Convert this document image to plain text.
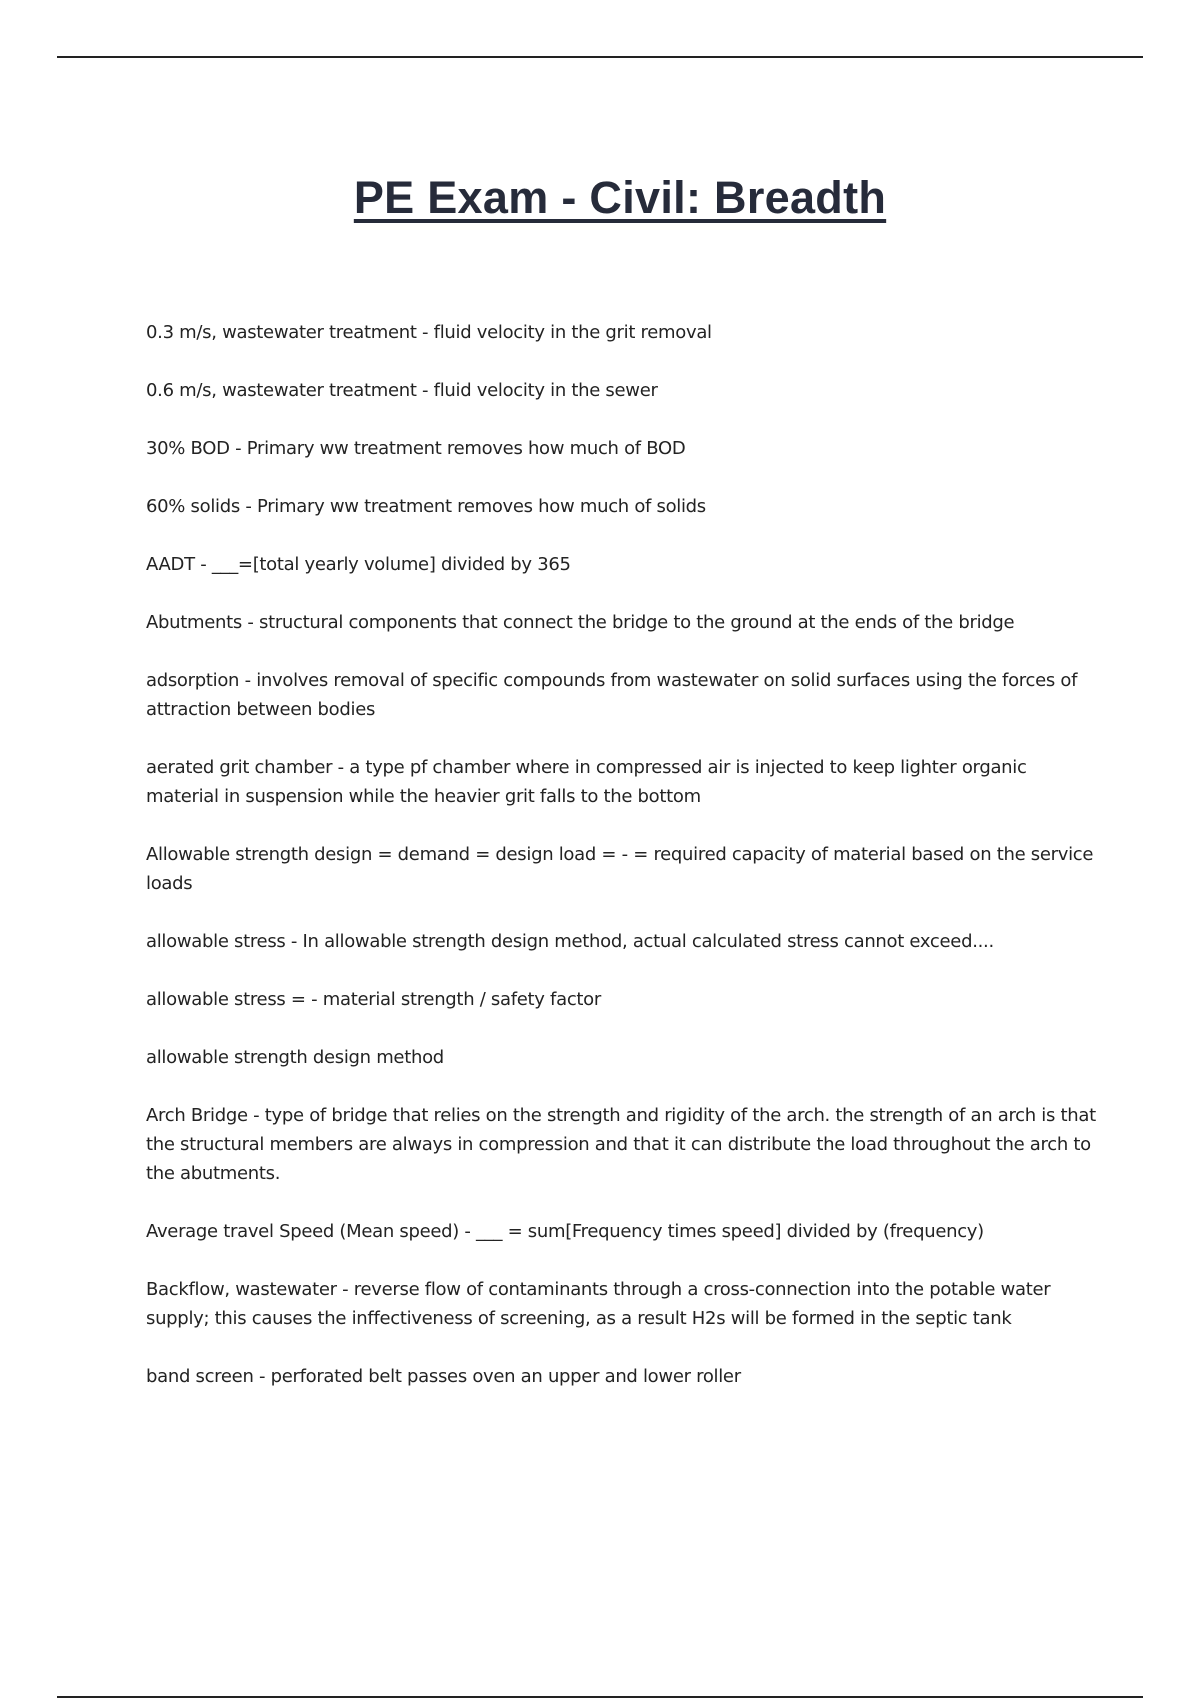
PE Exam - Civil: Breadth
0.3 m/s, wastewater treatment - fluid velocity in the grit removal
0.6 m/s, wastewater treatment - fluid velocity in the sewer
30% BOD - Primary ww treatment removes how much of BOD
60% solids - Primary ww treatment removes how much of solids
AADT - ___=[total yearly volume] divided by 365
Abutments - structural components that connect the bridge to the ground at the ends of the bridge
adsorption - involves removal of specific compounds from wastewater on solid surfaces using the forces of attraction between bodies
aerated grit chamber - a type pf chamber where in compressed air is injected to keep lighter organic material in suspension while the heavier grit falls to the bottom
Allowable strength design = demand = design load = - = required capacity of material based on the service loads
allowable stress - In allowable strength design method, actual calculated stress cannot exceed....
allowable stress = - material strength / safety factor
allowable strength design method
Arch Bridge - type of bridge that relies on the strength and rigidity of the arch. the strength of an arch is that the structural members are always in compression and that it can distribute the load throughout the arch to the abutments.
Average travel Speed (Mean speed) - ___ = sum[Frequency times speed] divided by (frequency)
Backflow, wastewater - reverse flow of contaminants through a cross-connection into the potable water supply; this causes the inffectiveness of screening, as a result H2s will be formed in the septic tank
band screen - perforated belt passes oven an upper and lower roller
